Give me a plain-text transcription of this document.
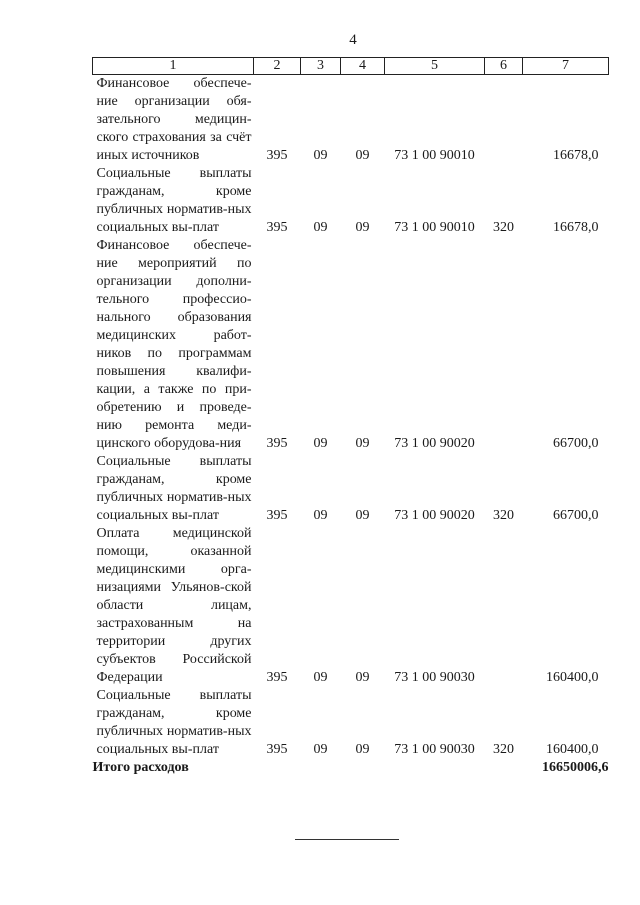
4
1	2	3	4	5	6	7
Финансовое обеспече-ние организации обя-зательного медицин-ского страхования за счёт иных источников	395	09	09	73 1 00 90010		16678,0
Социальные выплаты гражданам, кроме публичных норматив-ных социальных вы-плат	395	09	09	73 1 00 90010	320	16678,0
Финансовое обеспече-ние мероприятий по организации дополни-тельного профессио-нального образования медицинских работ-ников по программам повышения квалифи-кации, а также по при-обретению и проведе-нию ремонта меди-цинского оборудова-ния	395	09	09	73 1 00 90020		66700,0
Социальные выплаты гражданам, кроме публичных норматив-ных социальных вы-плат	395	09	09	73 1 00 90020	320	66700,0
Оплата медицинской помощи, оказанной медицинскими орга-низациями Ульянов-ской области лицам, застрахованным на территории других субъектов Российской Федерации	395	09	09	73 1 00 90030		160400,0
Социальные выплаты гражданам, кроме публичных норматив-ных социальных вы-плат	395	09	09	73 1 00 90030	320	160400,0
Итого расходов						16650006,6
